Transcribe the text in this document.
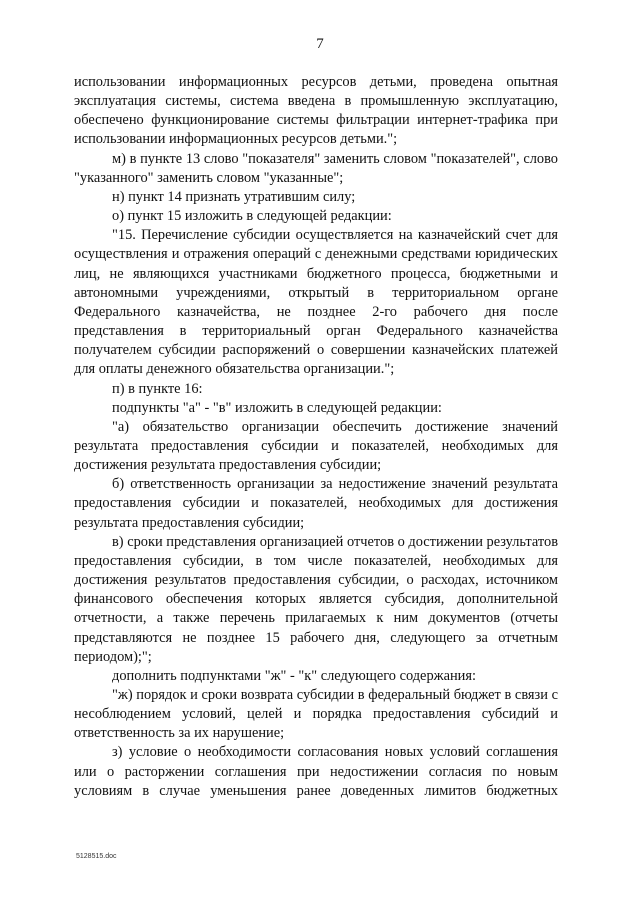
7

использовании информационных ресурсов детьми, проведена опытная эксплуатация системы, система введена в промышленную эксплуатацию, обеспечено функционирование системы фильтрации интернет-трафика при использовании информационных ресурсов детьми.";

м) в пункте 13 слово "показателя" заменить словом "показателей", слово "указанного" заменить словом "указанные";

н) пункт 14 признать утратившим силу;

о) пункт 15 изложить в следующей редакции:

"15. Перечисление субсидии осуществляется на казначейский счет для осуществления и отражения операций с денежными средствами юридических лиц, не являющихся участниками бюджетного процесса, бюджетными и автономными учреждениями, открытый в территориальном органе Федерального казначейства, не позднее 2-го рабочего дня после представления в территориальный орган Федерального казначейства получателем субсидии распоряжений о совершении казначейских платежей для оплаты денежного обязательства организации.";

п) в пункте 16:

подпункты "а" - "в" изложить в следующей редакции:

"а) обязательство организации обеспечить достижение значений результата предоставления субсидии и показателей, необходимых для достижения результата предоставления субсидии;

б) ответственность организации за недостижение значений результата предоставления субсидии и показателей, необходимых для достижения результата предоставления субсидии;

в) сроки представления организацией отчетов о достижении результатов предоставления субсидии, в том числе показателей, необходимых для достижения результатов предоставления субсидии, о расходах, источником финансового обеспечения которых является субсидия, дополнительной отчетности, а также перечень прилагаемых к ним документов (отчеты представляются не позднее 15 рабочего дня, следующего за отчетным периодом);";

дополнить подпунктами "ж" - "к" следующего содержания:

"ж) порядок и сроки возврата субсидии в федеральный бюджет в связи с несоблюдением условий, целей и порядка предоставления субсидий и ответственность за их нарушение;

з) условие о необходимости согласования новых условий соглашения или о расторжении соглашения при недостижении согласия по новым условиям в случае уменьшения ранее доведенных лимитов бюджетных

5128515.doc
